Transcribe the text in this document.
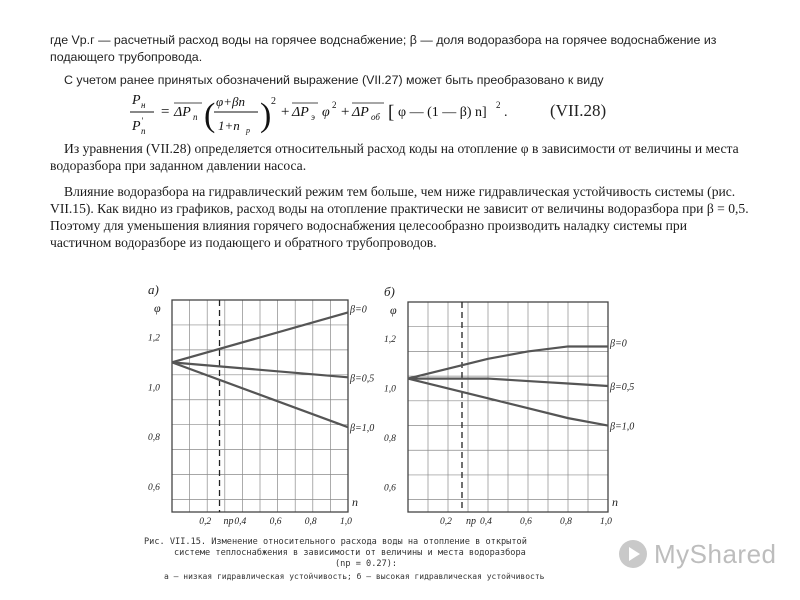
где Vр.г — расчетный расход воды на горячее водснабжение; β — доля водоразбора на горячее водоснабжение из подающего трубопровода.
С учетом ранее принятых обозначений выражение (VII.27) может быть преобразовано к виду
P н
P '
п
= ΔP п ( φ+βn
1+n р ) 2
+ ΔP э φ 2 + ΔP об [ φ — (1 — β) n] 2 .	(VII.28)
Из уравнения (VII.28) определяется относительный расход коды на отопление φ в зависимости от величины и места водоразбора при заданном давлении насоса.
Влияние водоразбора на гидравлический режим тем больше, чем ниже гидравлическая устойчивость системы (рис. VII.15). Как видно из графиков, расход воды на отопление практически не зависит от величины водоразбора при β = 0,5. Поэтому для уменьшения влияния горячего водоснабжения целесообразно производить наладку системы при частичном водоразборе из подающего и обратного трубопроводов.
а)
φ
1,2
1,0
0,8
0,6
0,2 0,4 0,6 0,8 1,0
nр
n
β=0
β=0,5
β=1,0
б)
φ
1,2
1,0
0,8
0,6
0,2	0,4	0,6	0,8	1,0
nр
n
β=0
β=0,5
β=1,0
Рис. VII.15. Изменение относительного расхода воды на отопление в открытой
системе теплоснабжения в зависимости от величины и места водоразбора
(nр = 0.27):
а — низкая гидравлическая устойчивость; б — высокая гидравлическая устойчивость
MyShared
